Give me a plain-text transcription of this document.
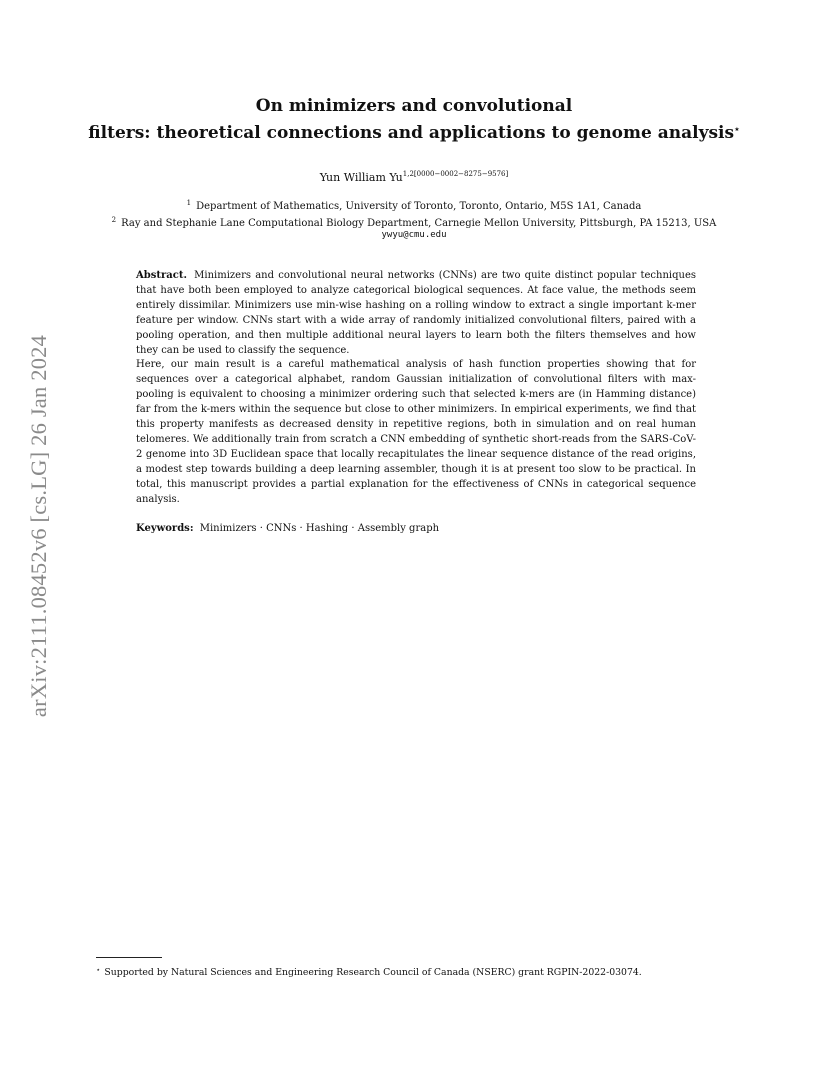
arXiv:2111.08452v6 [cs.LG] 26 Jan 2024
On minimizers and convolutional
filters: theoretical connections and applications to genome analysis⋆
Yun William $Yu^{1,2[0000-0002-8275-9576]}$
$^1$ Department of Mathematics, University of Toronto, Toronto, Ontario, M5S 1A1, Canada
$^2$ Ray and Stephanie Lane Computational Biology Department, Carnegie Mellon University, Pittsburgh, PA 15213, USA
ywyu@cmu.edu

Abstract. Minimizers and convolutional neural networks (CNNs) are two quite distinct popular techniques that have both been employed to analyze categorical biological sequences. At face value, the methods seem entirely dissimilar. Minimizers use min-wise hashing on a rolling window to extract a single important k-mer feature per window. CNNs start with a wide array of randomly initialized convolutional filters, paired with a pooling operation, and then multiple additional neural layers to learn both the filters themselves and how they can be used to classify the sequence.

Here, our main result is a careful mathematical analysis of hash function properties showing that for sequences over a categorical alphabet, random Gaussian initialization of convolutional filters with max-pooling is equivalent to choosing a minimizer ordering such that selected k-mers are (in Hamming distance) far from the k-mers within the sequence but close to other minimizers. In empirical experiments, we find that this property manifests as decreased density in repetitive regions, both in simulation and on real human telomeres. We additionally train from scratch a CNN embedding of synthetic short-reads from the SARS-CoV-2 genome into 3D Euclidean space that locally recapitulates the linear sequence distance of the read origins, a modest step towards building a deep learning assembler, though it is at present too slow to be practical. In total, this manuscript provides a partial explanation for the effectiveness of CNNs in categorical sequence analysis.

Keywords: Minimizers · CNNs · Hashing · Assembly graph
⋆ Supported by Natural Sciences and Engineering Research Council of Canada (NSERC) grant RGPIN-2022-03074.
